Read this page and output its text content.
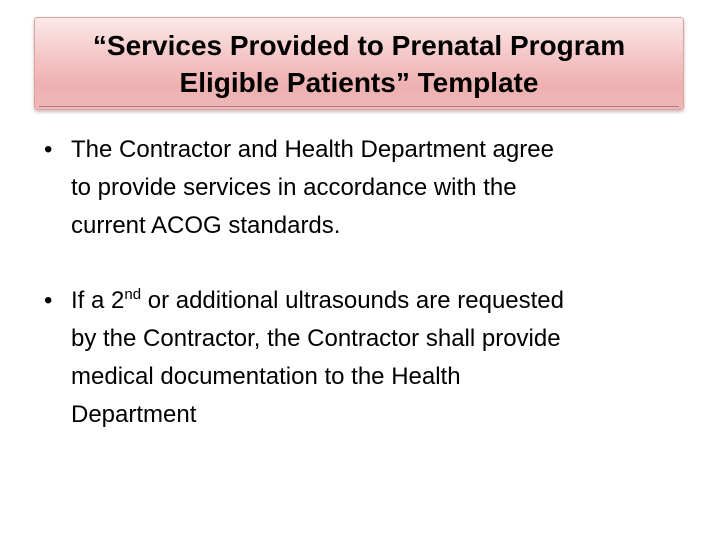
“Services Provided to Prenatal Program
Eligible Patients” Template
• The Contractor and Health Department agree
to provide services in accordance with the
current ACOG standards.
• If a 2nd or additional ultrasounds are requested
by the Contractor, the Contractor shall provide
medical documentation to the Health
Department
